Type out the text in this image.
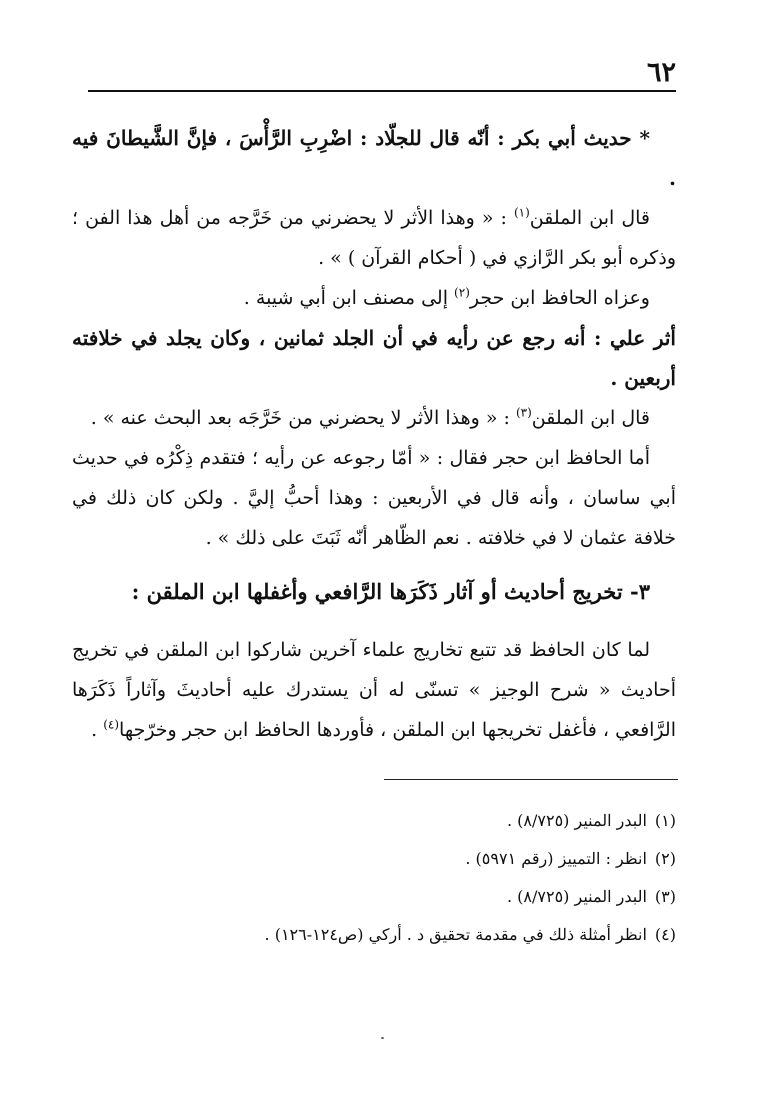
٦٢

* حديث أبي بكر : أنّه قال للجلّاد : اضْرِبِ الرَّأْسَ ، فإنَّ الشَّيطانَ فيه .

قال ابن الملقن$^{(١)}$ : « وهذا الأثر لا يحضرني من خَرَّجه من أهل هذا الفن ؛ وذكره أبو بكر الرَّازي في ( أحكام القرآن ) » .

وعزاه الحافظ ابن حجر$^{(٢)}$ إلى مصنف ابن أبي شيبة .

أثر علي : أنه رجع عن رأيه في أن الجلد ثمانين ، وكان يجلد في خلافته أربعين .

قال ابن الملقن$^{(٣)}$ : « وهذا الأثر لا يحضرني من خَرَّجَه بعد البحث عنه » .

أما الحافظ ابن حجر فقال : « أمّا رجوعه عن رأيه ؛ فتقدم ذِكْرُه في حديث أبي ساسان ، وأنه قال في الأربعين : وهذا أحبُّ إليَّ . ولكن كان ذلك في خلافة عثمان لا في خلافته . نعم الظّاهر أنّه ثَبَتَ على ذلك » .

٣- تخريج أحاديث أو آثار ذَكَرَها الرَّافعي وأغفلها ابن الملقن :

لما كان الحافظ قد تتبع تخاريج علماء آخرين شاركوا ابن الملقن في تخريج أحاديث « شرح الوجيز » تسنّى له أن يستدرك عليه أحاديثَ وآثاراً ذَكَرَها الرَّافعي ، فأغفل تخريجها ابن الملقن ، فأوردها الحافظ ابن حجر وخرّجها$^{(٤)}$ .

(١)البدر المنير (٨/٧٢٥) .

(٢)انظر : التمييز (رقم ٥٩٧١) .

(٣)البدر المنير (٨/٧٢٥) .

(٤)انظر أمثلة ذلك في مقدمة تحقيق د . أركي (ص١٢٤-١٢٦) .
